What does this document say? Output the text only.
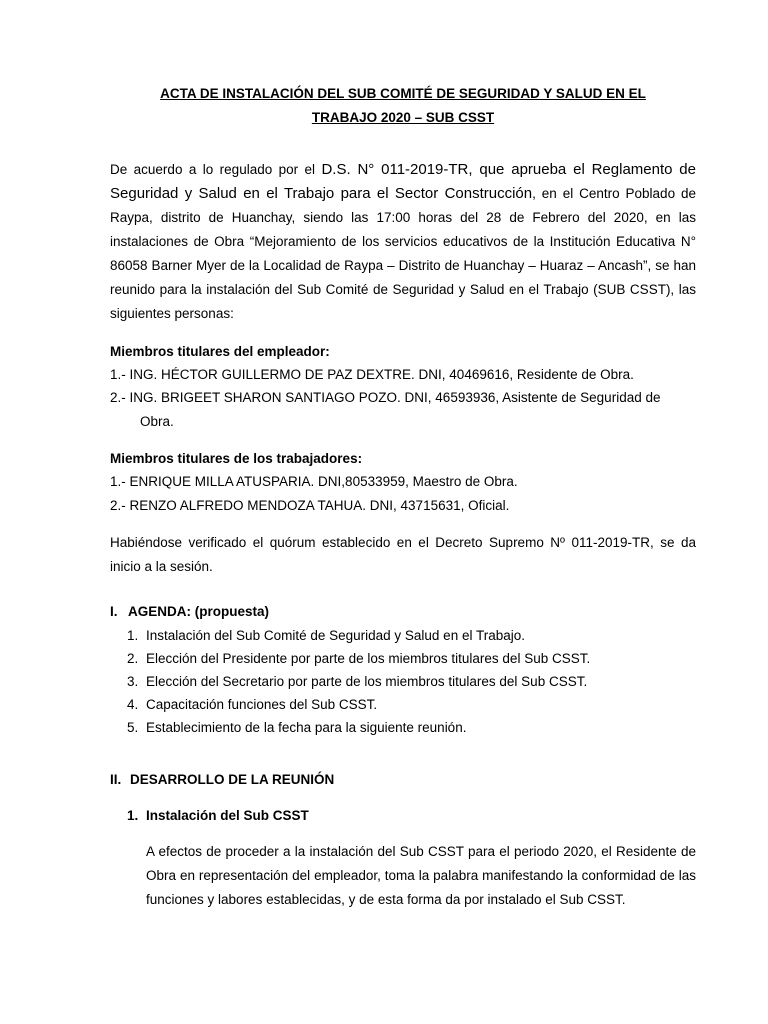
ACTA DE INSTALACIÓN DEL SUB COMITÉ DE SEGURIDAD Y SALUD EN EL
TRABAJO 2020 – SUB CSST
De acuerdo a lo regulado por el D.S. N° 011-2019-TR, que aprueba el Reglamento de Seguridad y Salud en el Trabajo para el Sector Construcción, en el Centro Poblado de Raypa, distrito de Huanchay, siendo las 17:00 horas del 28 de Febrero del 2020, en las instalaciones de Obra “Mejoramiento de los servicios educativos de la Institución Educativa N° 86058 Barner Myer de la Localidad de Raypa – Distrito de Huanchay – Huaraz – Ancash”, se han reunido para la instalación del Sub Comité de Seguridad y Salud en el Trabajo (SUB CSST), las siguientes personas:
Miembros titulares del empleador:
1.- ING. HÉCTOR GUILLERMO DE PAZ DEXTRE. DNI, 40469616, Residente de Obra.
2.- ING. BRIGEET SHARON SANTIAGO POZO. DNI, 46593936, Asistente de Seguridad de
Obra.
Miembros titulares de los trabajadores:
1.- ENRIQUE MILLA ATUSPARIA. DNI,80533959, Maestro de Obra.
2.- RENZO ALFREDO MENDOZA TAHUA. DNI, 43715631, Oficial.
Habiéndose verificado el quórum establecido en el Decreto Supremo Nº 011-2019-TR, se da inicio a la sesión.
I. AGENDA: (propuesta)
1. Instalación del Sub Comité de Seguridad y Salud en el Trabajo.
2. Elección del Presidente por parte de los miembros titulares del Sub CSST.
3. Elección del Secretario por parte de los miembros titulares del Sub CSST.
4. Capacitación funciones del Sub CSST.
5. Establecimiento de la fecha para la siguiente reunión.
II. DESARROLLO DE LA REUNIÓN
1. Instalación del Sub CSST
A efectos de proceder a la instalación del Sub CSST para el periodo 2020, el Residente de Obra en representación del empleador, toma la palabra manifestando la conformidad de las funciones y labores establecidas, y de esta forma da por instalado el Sub CSST.
